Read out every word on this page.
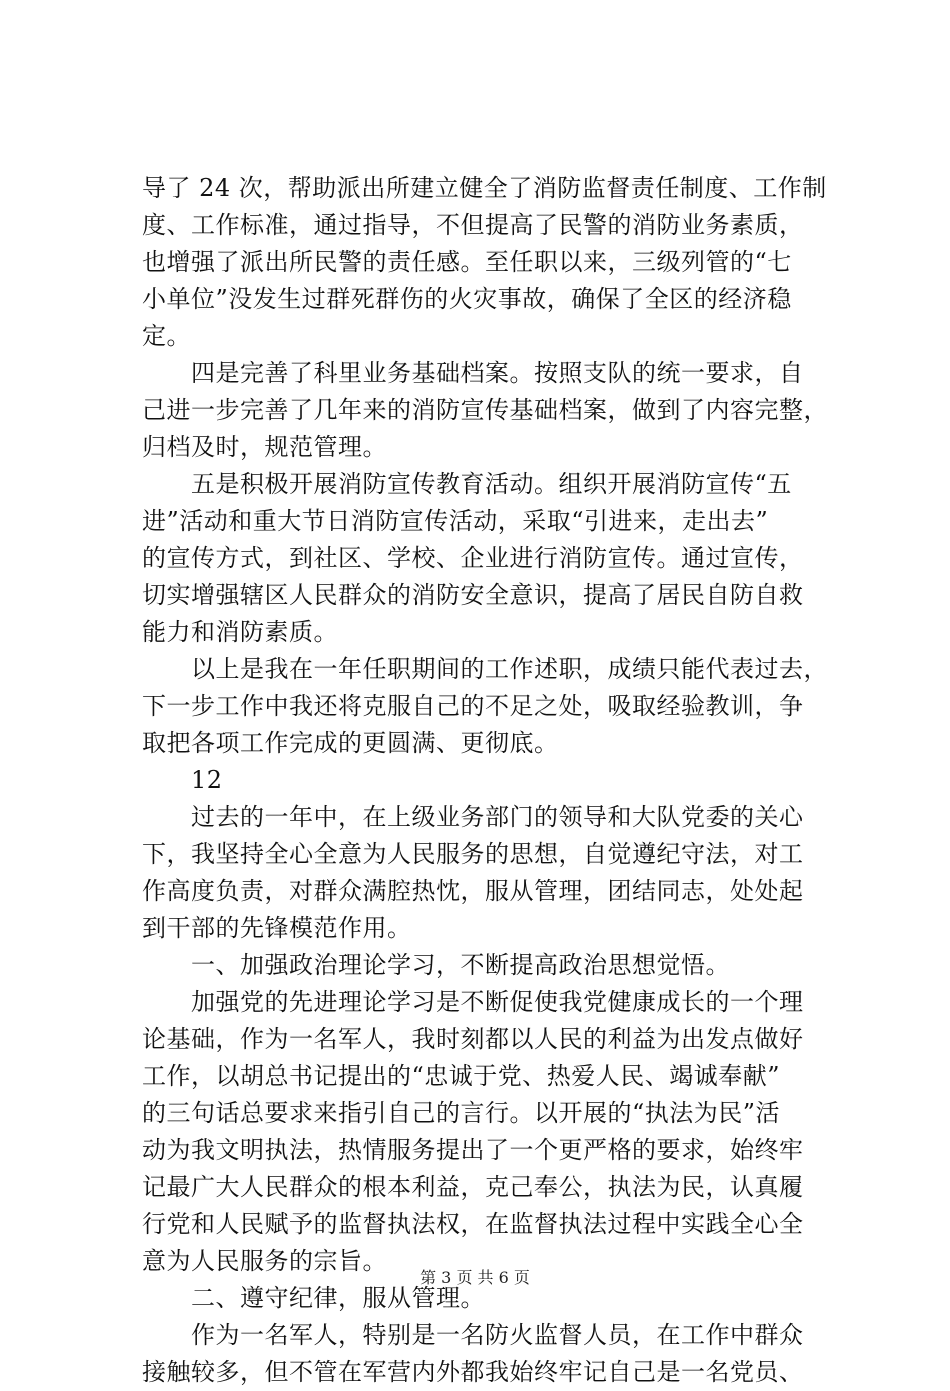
导了 24 次，帮助派出所建立健全了消防监督责任制度、工作制
度、工作标准，通过指导，不但提高了民警的消防业务素质，
也增强了派出所民警的责任感。至任职以来，三级列管的“七
小单位”没发生过群死群伤的火灾事故，确保了全区的经济稳
定。
　　四是完善了科里业务基础档案。按照支队的统一要求，自
己进一步完善了几年来的消防宣传基础档案，做到了内容完整，
归档及时，规范管理。
　　五是积极开展消防宣传教育活动。组织开展消防宣传“五
进”活动和重大节日消防宣传活动，采取“引进来，走出去”
的宣传方式，到社区、学校、企业进行消防宣传。通过宣传，
切实增强辖区人民群众的消防安全意识，提高了居民自防自救
能力和消防素质。
　　以上是我在一年任职期间的工作述职，成绩只能代表过去，
下一步工作中我还将克服自己的不足之处，吸取经验教训，争
取把各项工作完成的更圆满、更彻底。
　　12
　　过去的一年中，在上级业务部门的领导和大队党委的关心
下，我坚持全心全意为人民服务的思想，自觉遵纪守法，对工
作高度负责，对群众满腔热忱，服从管理，团结同志，处处起
到干部的先锋模范作用。
　　一、加强政治理论学习，不断提高政治思想觉悟。
　　加强党的先进理论学习是不断促使我党健康成长的一个理
论基础，作为一名军人，我时刻都以人民的利益为出发点做好
工作，以胡总书记提出的“忠诚于党、热爱人民、竭诚奉献”
的三句话总要求来指引自己的言行。以开展的“执法为民”活
动为我文明执法，热情服务提出了一个更严格的要求，始终牢
记最广大人民群众的根本利益，克己奉公，执法为民，认真履
行党和人民赋予的监督执法权，在监督执法过程中实践全心全
意为人民服务的宗旨。
　　二、遵守纪律，服从管理。
　　作为一名军人，特别是一名防火监督人员，在工作中群众
接触较多，但不管在军营内外都我始终牢记自己是一名党员、
第 3 页 共 6 页
